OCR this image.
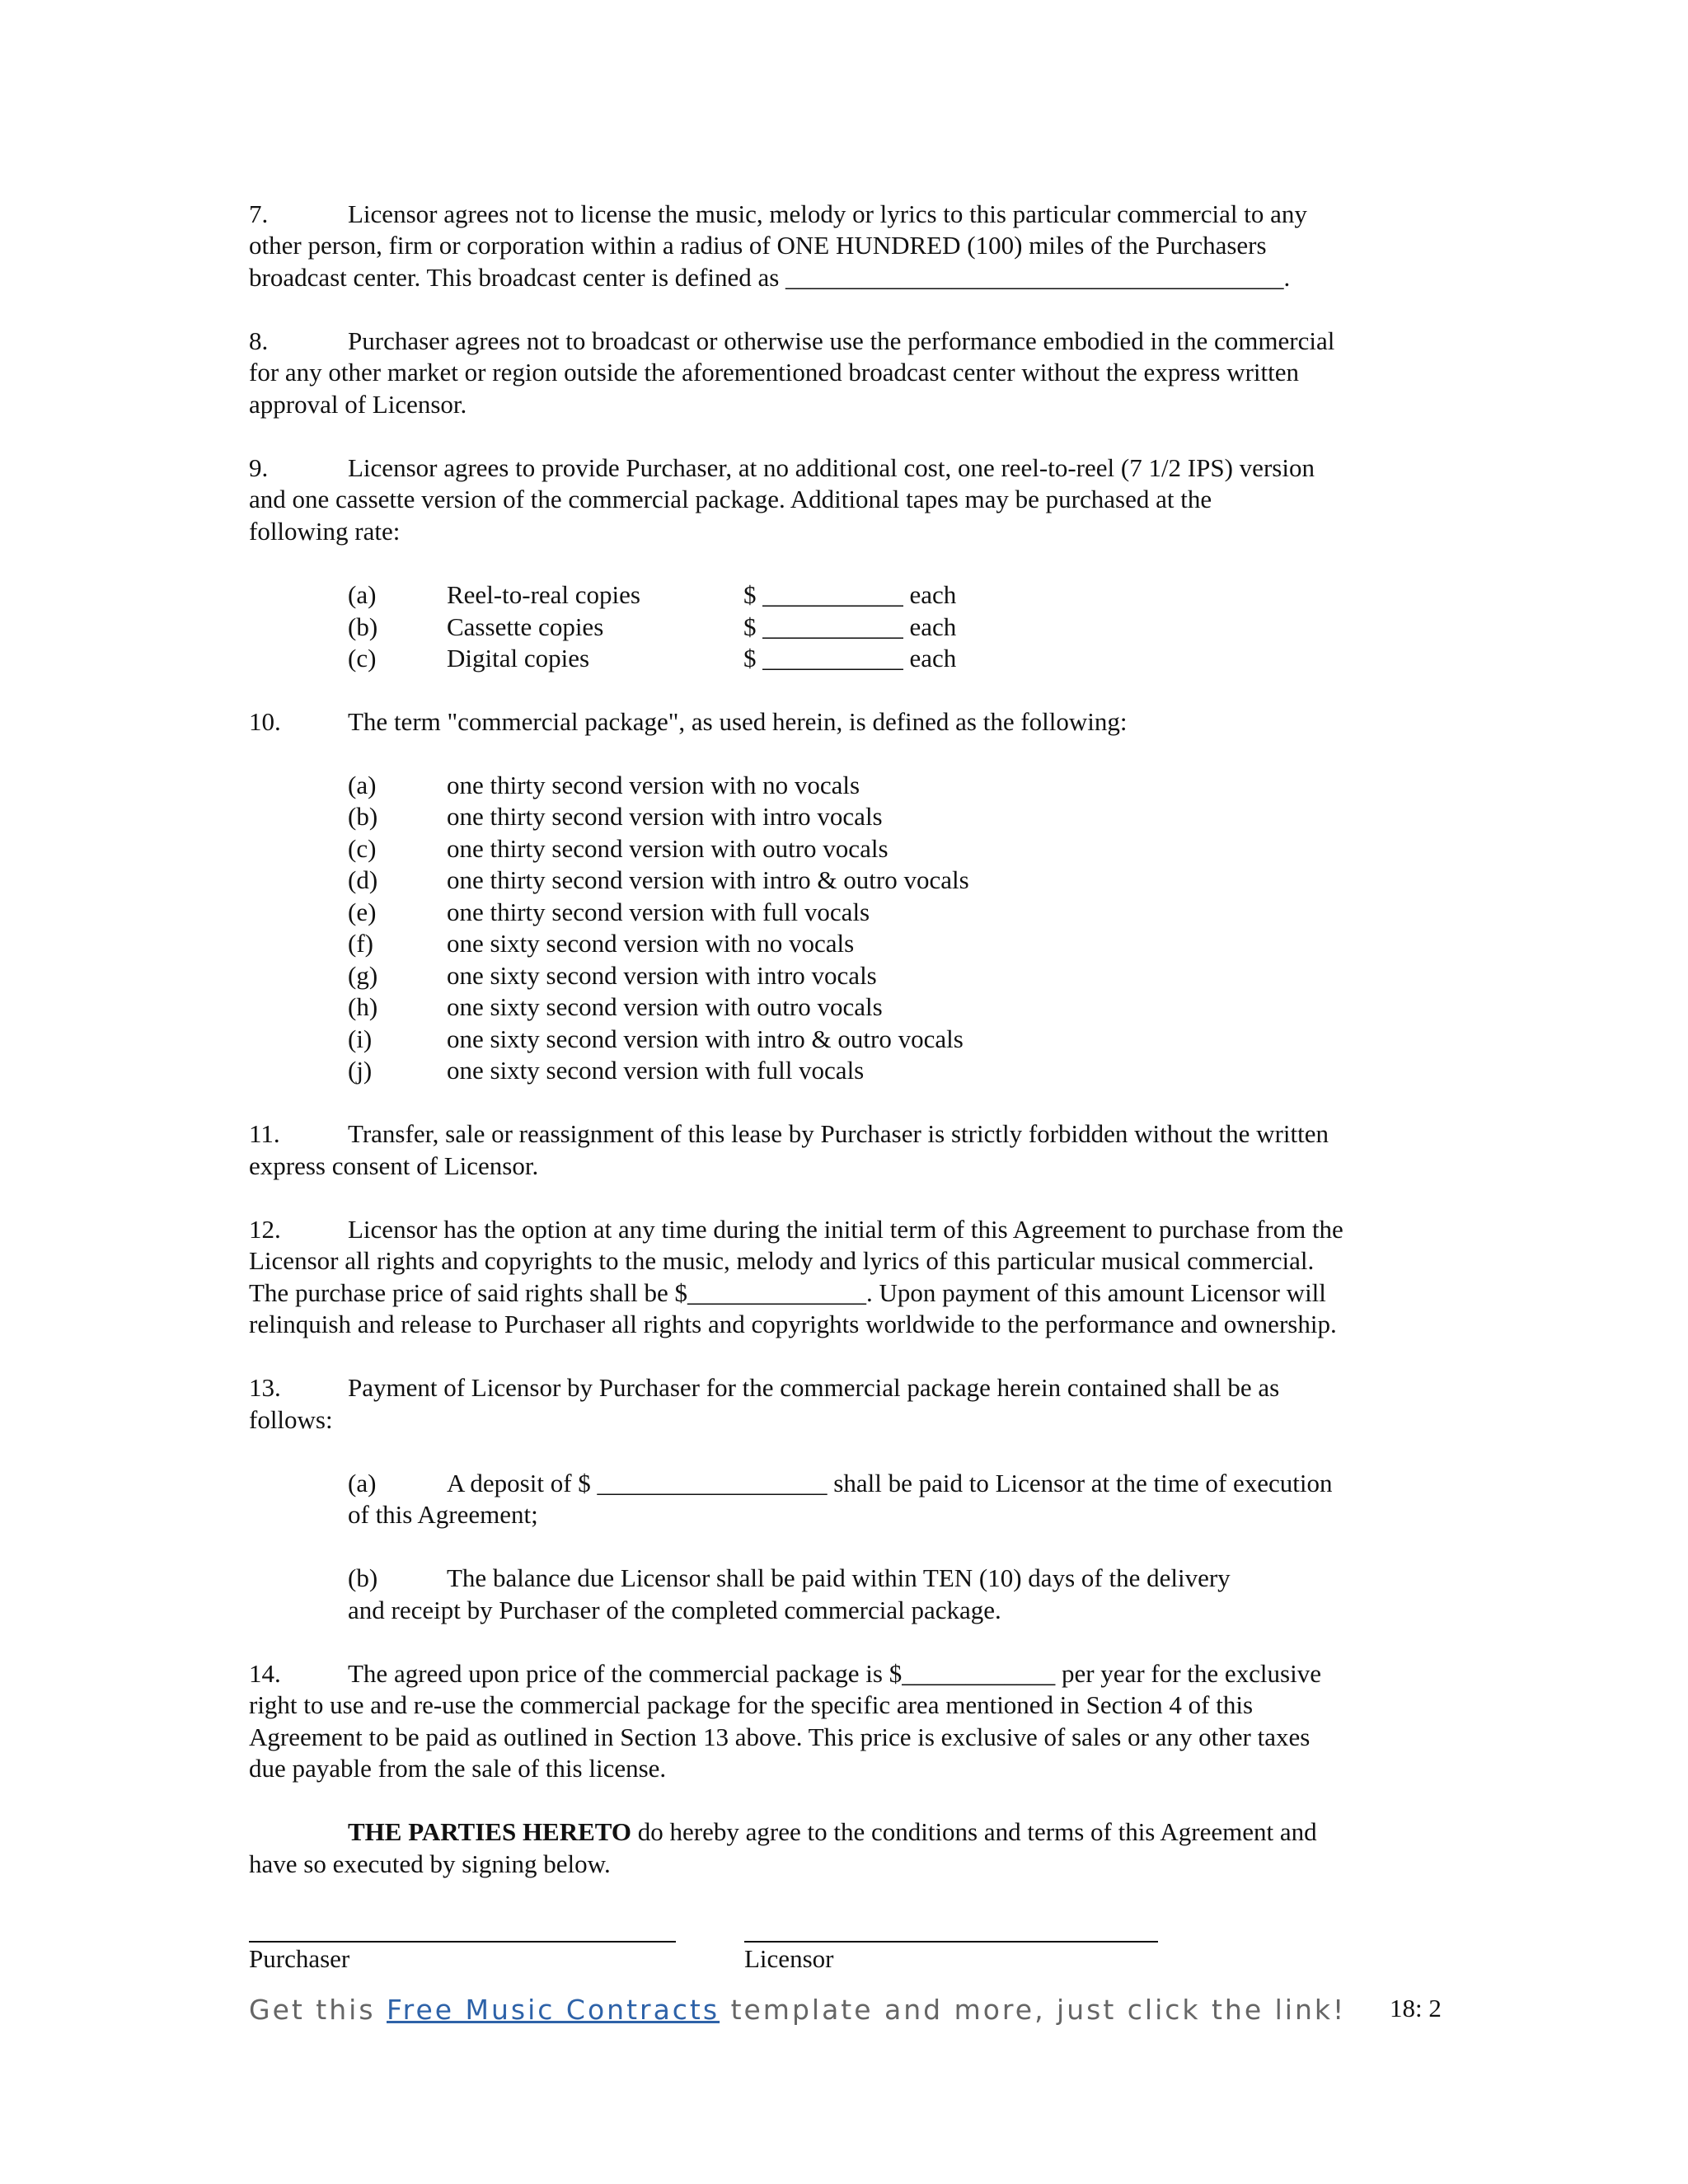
7.	Licensor agrees not to license the music, melody or lyrics to this particular commercial to any
other person, firm or corporation within a radius of ONE HUNDRED (100) miles of the Purchasers
broadcast center. This broadcast center is defined as _______________________________________.
8.	Purchaser agrees not to broadcast or otherwise use the performance embodied in the commercial
for any other market or region outside the aforementioned broadcast center without the express written
approval of Licensor.
9.	Licensor agrees to provide Purchaser, at no additional cost, one reel-to-reel (7 1/2 IPS) version
and one cassette version of the commercial package. Additional tapes may be purchased at the
following rate:
(a)	Reel-to-real copies	$ ___________ each
(b)	Cassette copies	$ ___________ each
(c)	Digital copies	$ ___________ each
10.	The term "commercial package", as used herein, is defined as the following:
(a)	one thirty second version with no vocals
(b)	one thirty second version with intro vocals
(c)	one thirty second version with outro vocals
(d)	one thirty second version with intro & outro vocals
(e)	one thirty second version with full vocals
(f)	one sixty second version with no vocals
(g)	one sixty second version with intro vocals
(h)	one sixty second version with outro vocals
(i)	one sixty second version with intro & outro vocals
(j)	one sixty second version with full vocals
11.	Transfer, sale or reassignment of this lease by Purchaser is strictly forbidden without the written
express consent of Licensor.
12.	Licensor has the option at any time during the initial term of this Agreement to purchase from the
Licensor all rights and copyrights to the music, melody and lyrics of this particular musical commercial.
The purchase price of said rights shall be $______________. Upon payment of this amount Licensor will
relinquish and release to Purchaser all rights and copyrights worldwide to the performance and ownership.
13.	Payment of Licensor by Purchaser for the commercial package herein contained shall be as
follows:
(a)	A deposit of $ __________________ shall be paid to Licensor at the time of execution
of this Agreement;
(b)	The balance due Licensor shall be paid within TEN (10) days of the delivery
and receipt by Purchaser of the completed commercial package.
14.	The agreed upon price of the commercial package is $____________ per year for the exclusive
right to use and re-use the commercial package for the specific area mentioned in Section 4 of this
Agreement to be paid as outlined in Section 13 above. This price is exclusive of sales or any other taxes
due payable from the sale of this license.
THE PARTIES HERETO do hereby agree to the conditions and terms of this Agreement and
have so executed by signing below.
Purchaser	Licensor
Get this Free Music Contracts template and more, just click the link! 18: 2
